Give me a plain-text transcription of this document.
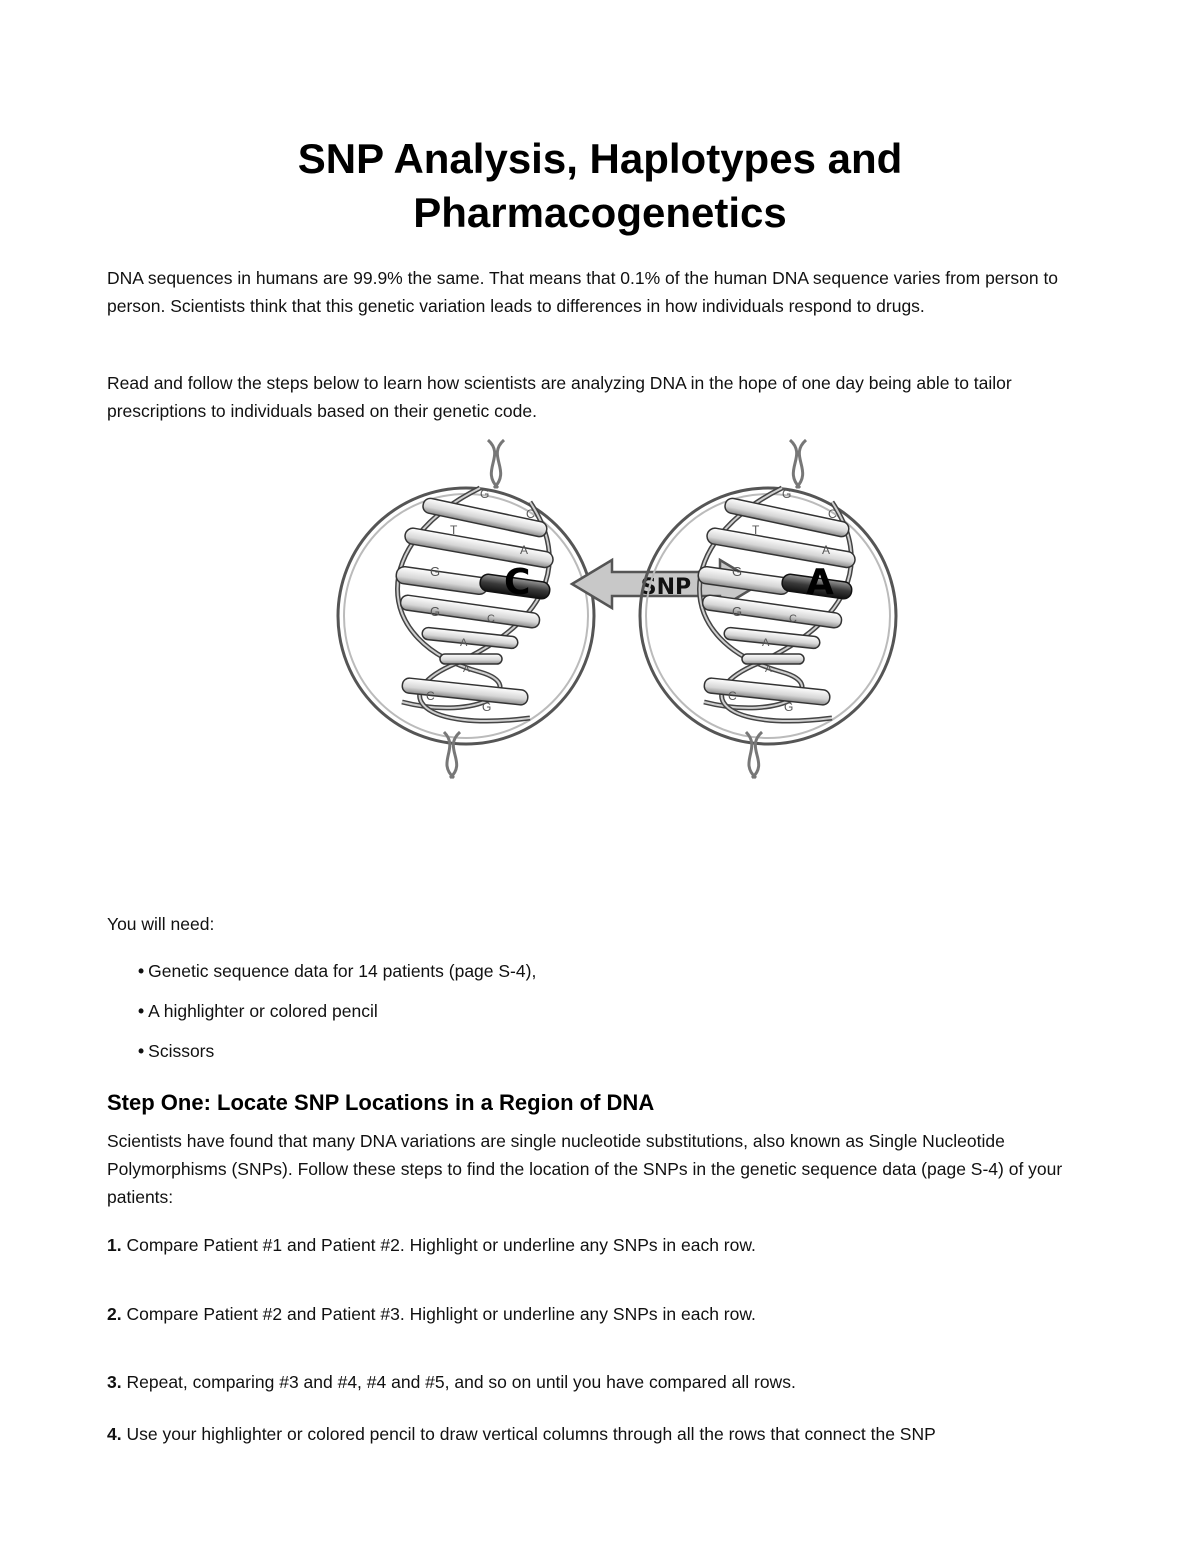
SNP Analysis, Haplotypes and
Pharmacogenetics

DNA sequences in humans are 99.9% the same. That means that 0.1% of the human DNA sequence varies from person to person. Scientists think that this genetic variation leads to differences in how individuals respond to drugs.

Read and follow the steps below to learn how scientists are analyzing DNA in the hope of one day being able to tailor prescriptions to individuals based on their genetic code.

G
C
T
A
G
G	C
A
A
C
G
C	SNP
G
C
T
A
G
G	C
A
A
C
G
A
You will need:
• Genetic sequence data for 14 patients (page S-4),
• A highlighter or colored pencil
• Scissors
Step One: Locate SNP Locations in a Region of DNA

Scientists have found that many DNA variations are single nucleotide substitutions, also known as Single Nucleotide Polymorphisms (SNPs). Follow these steps to find the location of the SNPs in the genetic sequence data (page S-4) of your patients:

1. Compare Patient #1 and Patient #2. Highlight or underline any SNPs in each row.
2. Compare Patient #2 and Patient #3. Highlight or underline any SNPs in each row.
3. Repeat, comparing #3 and #4, #4 and #5, and so on until you have compared all rows.
4. Use your highlighter or colored pencil to draw vertical columns through all the rows that connect the SNP
